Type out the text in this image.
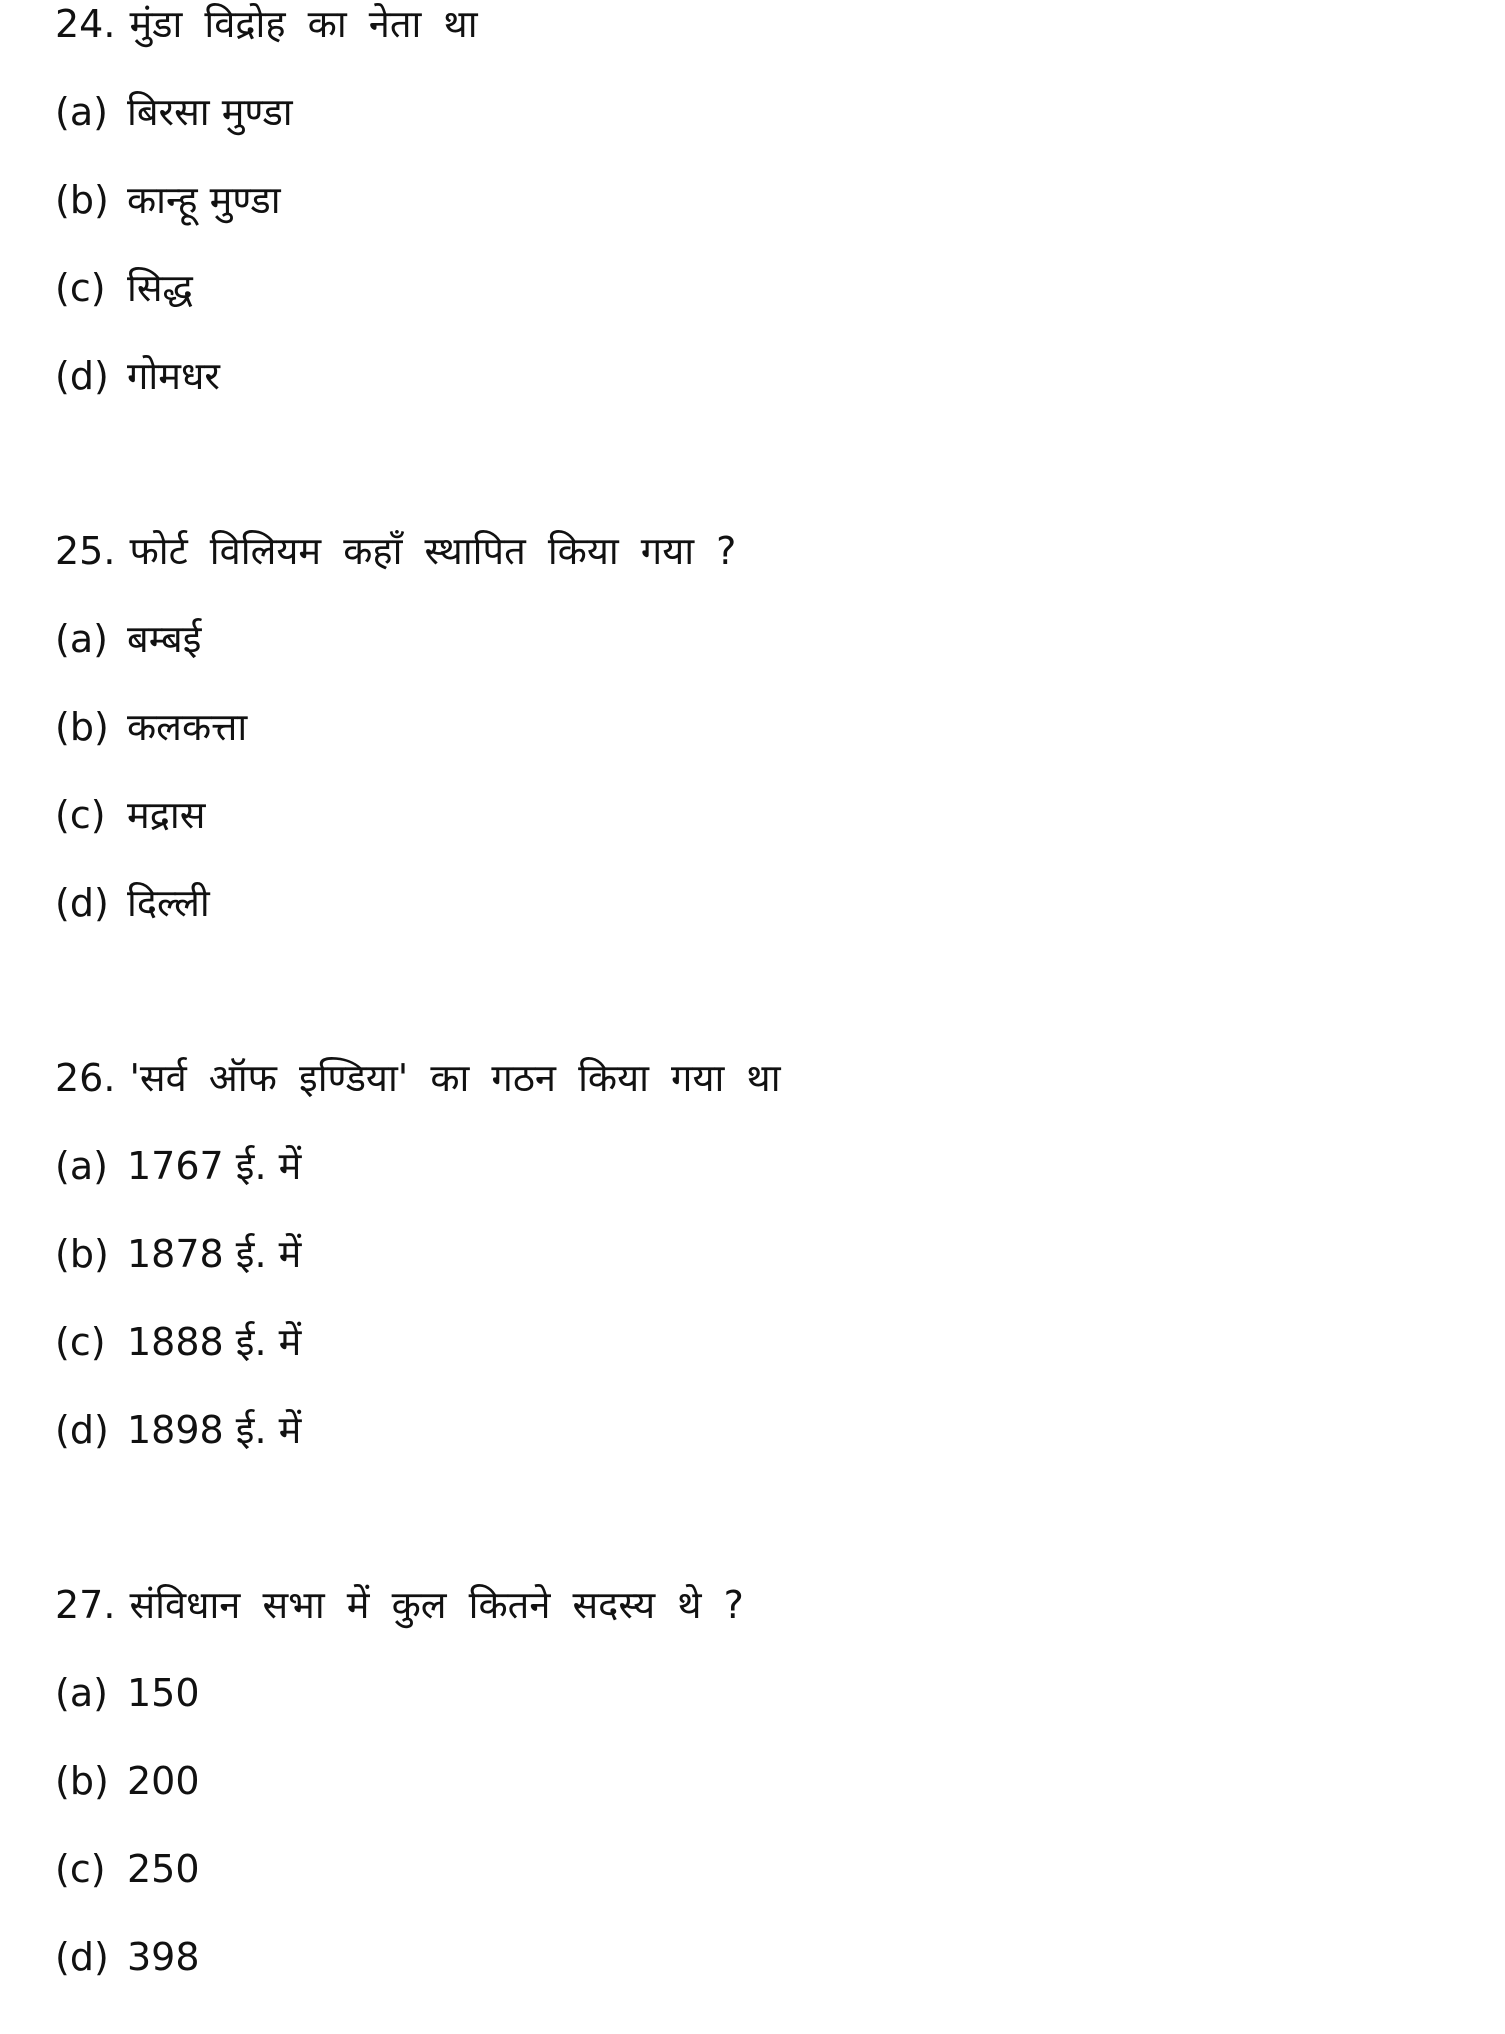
24. मुंडा विद्रोह का नेता था
(a) बिरसा मुण्डा
(b) कान्हू मुण्डा
(c) सिद्ध
(d) गोमधर
25. फोर्ट विलियम कहाँ स्थापित किया गया ?
(a) बम्बई
(b) कलकत्ता
(c) मद्रास
(d) दिल्ली
26. 'सर्व ऑफ इण्डिया' का गठन किया गया था
(a) 1767 ई. में
(b) 1878 ई. में
(c) 1888 ई. में
(d) 1898 ई. में
27. संविधान सभा में कुल कितने सदस्य थे ?
(a) 150
(b) 200
(c) 250
(d) 398
